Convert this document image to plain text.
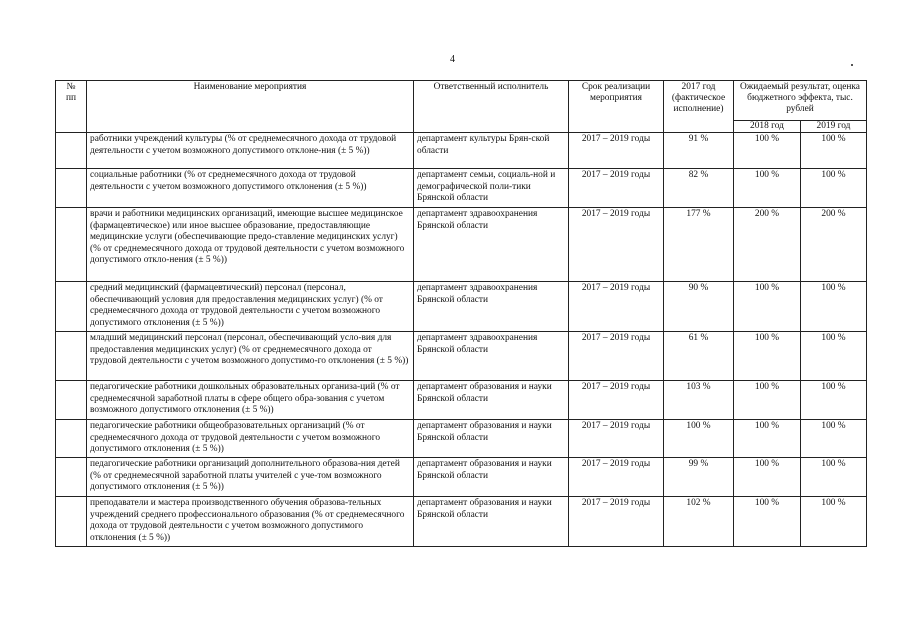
4
№
пп	Наименование мероприятия	Ответственный исполнитель	Срок реализации мероприятия	2017 год (фактическое исполнение)	Ожидаемый результат, оценка бюджетного эффекта, тыс. рублей	
					2018 год	2019 год
	работники учреждений культуры (% от среднемесячного дохода от трудовой деятельности с учетом возможного допустимого отклоне-ния (± 5 %))	департамент культуры Брян-ской области	2017 – 2019 годы	91 %	100 %	100 %
	социальные работники (% от среднемесячного дохода от трудовой деятельности с учетом возможного допустимого отклонения (± 5 %))	департамент семьи, социаль-ной и демографической поли-тики Брянской области	2017 – 2019 годы	82 %	100 %	100 %
	врачи и работники медицинских организаций, имеющие высшее медицинское (фармацевтическое) или иное высшее образование, предоставляющие медицинские услуги (обеспечивающие предо-ставление медицинских услуг) (% от среднемесячного дохода от трудовой деятельности с учетом возможного допустимого откло-нения (± 5 %))	департамент здравоохранения Брянской области	2017 – 2019 годы	177 %	200 %	200 %
	средний медицинский (фармацевтический) персонал (персонал, обеспечивающий условия для предоставления медицинских услуг) (% от среднемесячного дохода от трудовой деятельности с учетом возможного допустимого отклонения (± 5 %))	департамент здравоохранения Брянской области	2017 – 2019 годы	90 %	100 %	100 %
	младший медицинский персонал (персонал, обеспечивающий усло-вия для предоставления медицинских услуг) (% от среднемесячного дохода от трудовой деятельности с учетом возможного допустимо-го отклонения (± 5 %))	департамент здравоохранения Брянской области	2017 – 2019 годы	61 %	100 %	100 %
	педагогические работники дошкольных образовательных организа-ций (% от среднемесячной заработной платы в сфере общего обра-зования с учетом возможного допустимого отклонения (± 5 %))	департамент образования и науки Брянской области	2017 – 2019 годы	103 %	100 %	100 %
	педагогические работники общеобразовательных организаций (% от среднемесячного дохода от трудовой деятельности с учетом возможного допустимого отклонения (± 5 %))	департамент образования и науки Брянской области	2017 – 2019 годы	100 %	100 %	100 %
	педагогические работники организаций дополнительного образова-ния детей (% от среднемесячной заработной платы учителей с уче-том возможного допустимого отклонения (± 5 %))	департамент образования и науки Брянской области	2017 – 2019 годы	99 %	100 %	100 %
	преподаватели и мастера производственного обучения образова-тельных учреждений среднего профессионального образования (% от среднемесячного дохода от трудовой деятельности с учетом возможного допустимого отклонения (± 5 %))	департамент образования и науки Брянской области	2017 – 2019 годы	102 %	100 %	100 %
